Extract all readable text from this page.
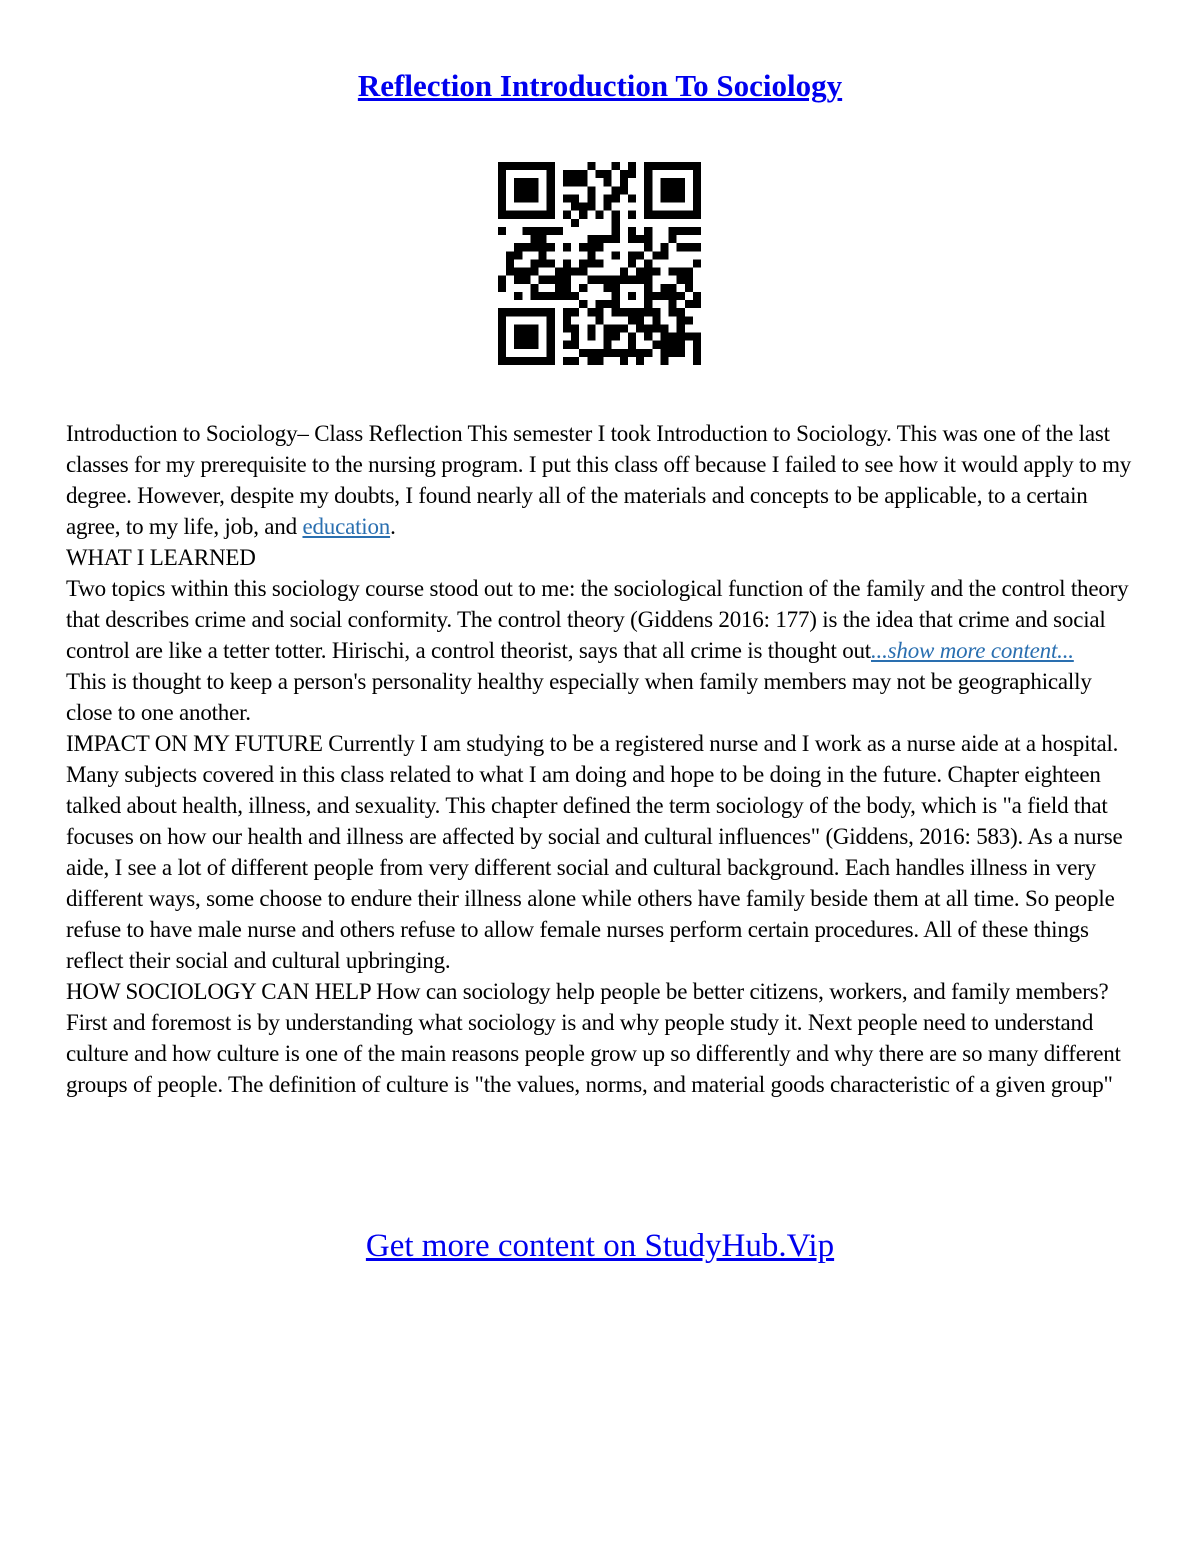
Reflection Introduction To Sociology

Introduction to Sociology– Class Reflection This semester I took Introduction to Sociology. This was one of the last classes for my prerequisite to the nursing program. I put this class off because I failed to see how it would apply to my degree. However, despite my doubts, I found nearly all of the materials and concepts to be applicable, to a certain agree, to my life, job, and education.

WHAT I LEARNED

Two topics within this sociology course stood out to me: the sociological function of the family and the control theory that describes crime and social conformity. The control theory (Giddens 2016: 177) is the idea that crime and social control are like a tetter totter. Hirischi, a control theorist, says that all crime is thought out...show more content...

This is thought to keep a person's personality healthy especially when family members may not be geographically close to one another.

IMPACT ON MY FUTURE Currently I am studying to be a registered nurse and I work as a nurse aide at a hospital. Many subjects covered in this class related to what I am doing and hope to be doing in the future. Chapter eighteen talked about health, illness, and sexuality. This chapter defined the term sociology of the body, which is "a field that focuses on how our health and illness are affected by social and cultural influences" (Giddens, 2016: 583). As a nurse aide, I see a lot of different people from very different social and cultural background. Each handles illness in very different ways, some choose to endure their illness alone while others have family beside them at all time. So people refuse to have male nurse and others refuse to allow female nurses perform certain procedures. All of these things reflect their social and cultural upbringing.

HOW SOCIOLOGY CAN HELP How can sociology help people be better citizens, workers, and family members? First and foremost is by understanding what sociology is and why people study it. Next people need to understand culture and how culture is one of the main reasons people grow up so differently and why there are so many different groups of people. The definition of culture is "the values, norms, and material goods characteristic of a given group"

Get more content on StudyHub.Vip
